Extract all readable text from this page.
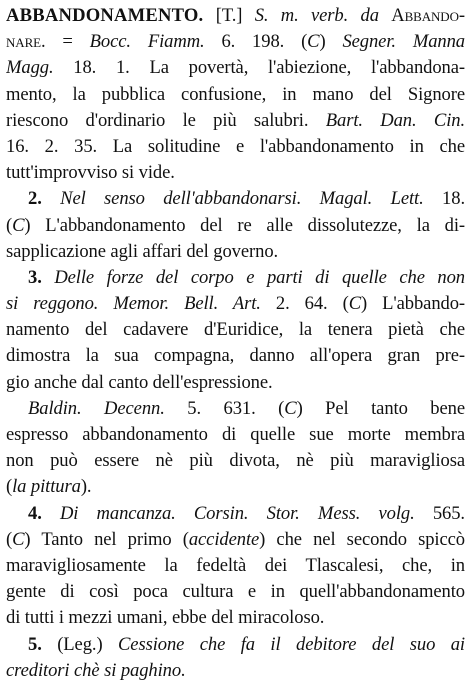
ABBANDONAMENTO. [T.] S. m. verb. da Abbando-
nare. = Bocc. Fiamm. 6. 198. (C) Segner. Manna
Magg. 18. 1. La povertà, l'abiezione, l'abbandona-
mento, la pubblica confusione, in mano del Signore
riescono d'ordinario le più salubri. Bart. Dan. Cin.
16. 2. 35. La solitudine e l'abbandonamento in che
tutt'improvviso si vide.
2. Nel senso dell'abbandonarsi. Magal. Lett. 18.
(C) L'abbandonamento del re alle dissolutezze, la di-
sapplicazione agli affari del governo.
3. Delle forze del corpo e parti di quelle che non
si reggono. Memor. Bell. Art. 2. 64. (C) L'abbando-
namento del cadavere d'Euridice, la tenera pietà che
dimostra la sua compagna, danno all'opera gran pre-
gio anche dal canto dell'espressione.
Baldin. Decenn. 5. 631. (C) Pel tanto bene
espresso abbandonamento di quelle sue morte membra
non può essere nè più divota, nè più maravigliosa
(la pittura).
4. Di mancanza. Corsin. Stor. Mess. volg. 565.
(C) Tanto nel primo (accidente) che nel secondo spiccò
maravigliosamente la fedeltà dei Tlascalesi, che, in
gente di così poca cultura e in quell'abbandonamento
di tutti i mezzi umani, ebbe del miracoloso.
5. (Leg.) Cessione che fa il debitore del suo ai
creditori chè si paghino.
